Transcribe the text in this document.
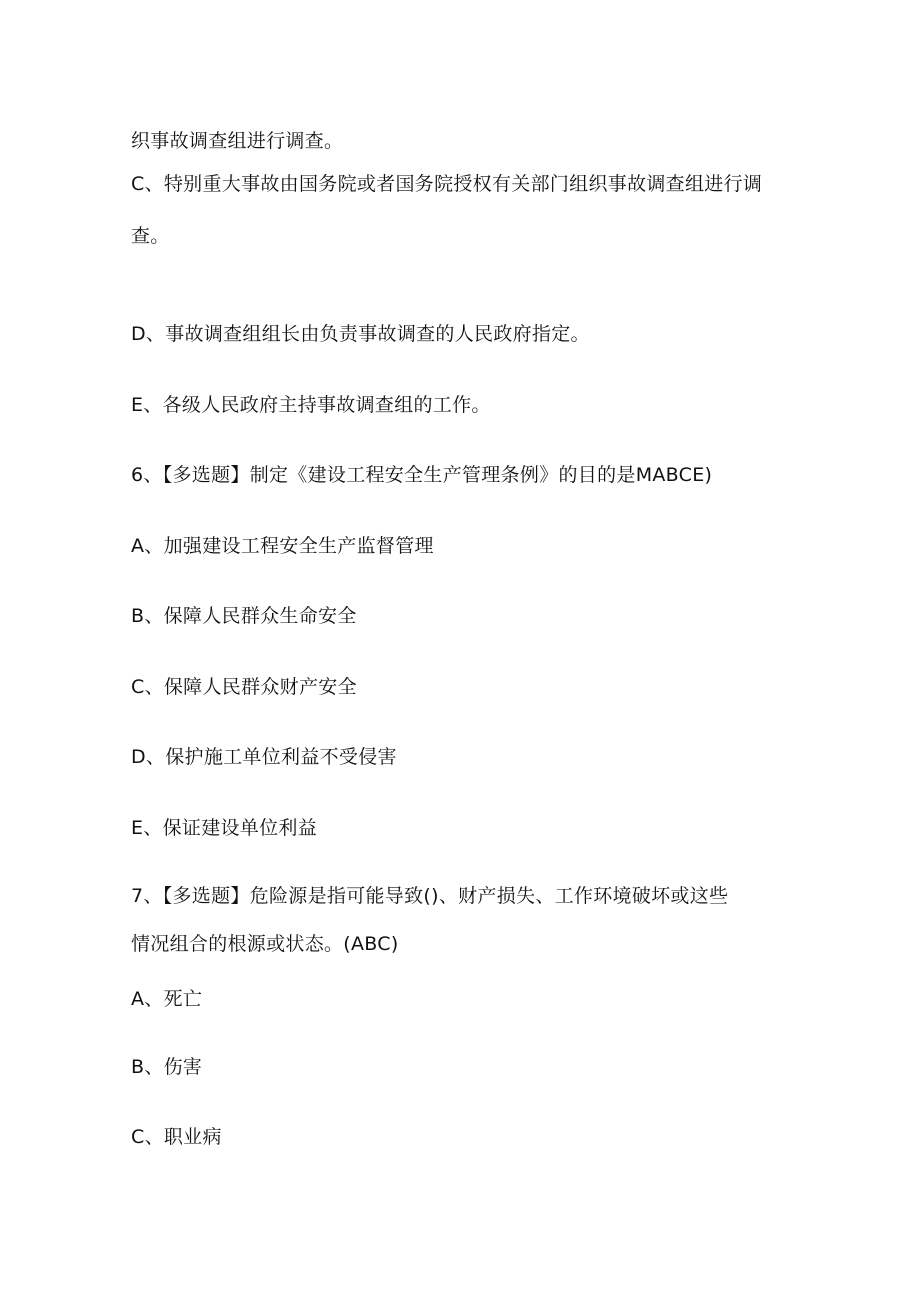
织事故调查组进行调查。
C、特别重大事故由国务院或者国务院授权有关部门组织事故调查组进行调
查。
D、事故调查组组长由负责事故调查的人民政府指定。
E、各级人民政府主持事故调查组的工作。
6、【多选题】制定《建设工程安全生产管理条例》的目的是MABCE)
A、加强建设工程安全生产监督管理
B、保障人民群众生命安全
C、保障人民群众财产安全
D、保护施工单位利益不受侵害
E、保证建设单位利益
7、【多选题】危险源是指可能导致()、财产损失、工作环境破坏或这些
情况组合的根源或状态。(ABC)
A、死亡
B、伤害
C、职业病
